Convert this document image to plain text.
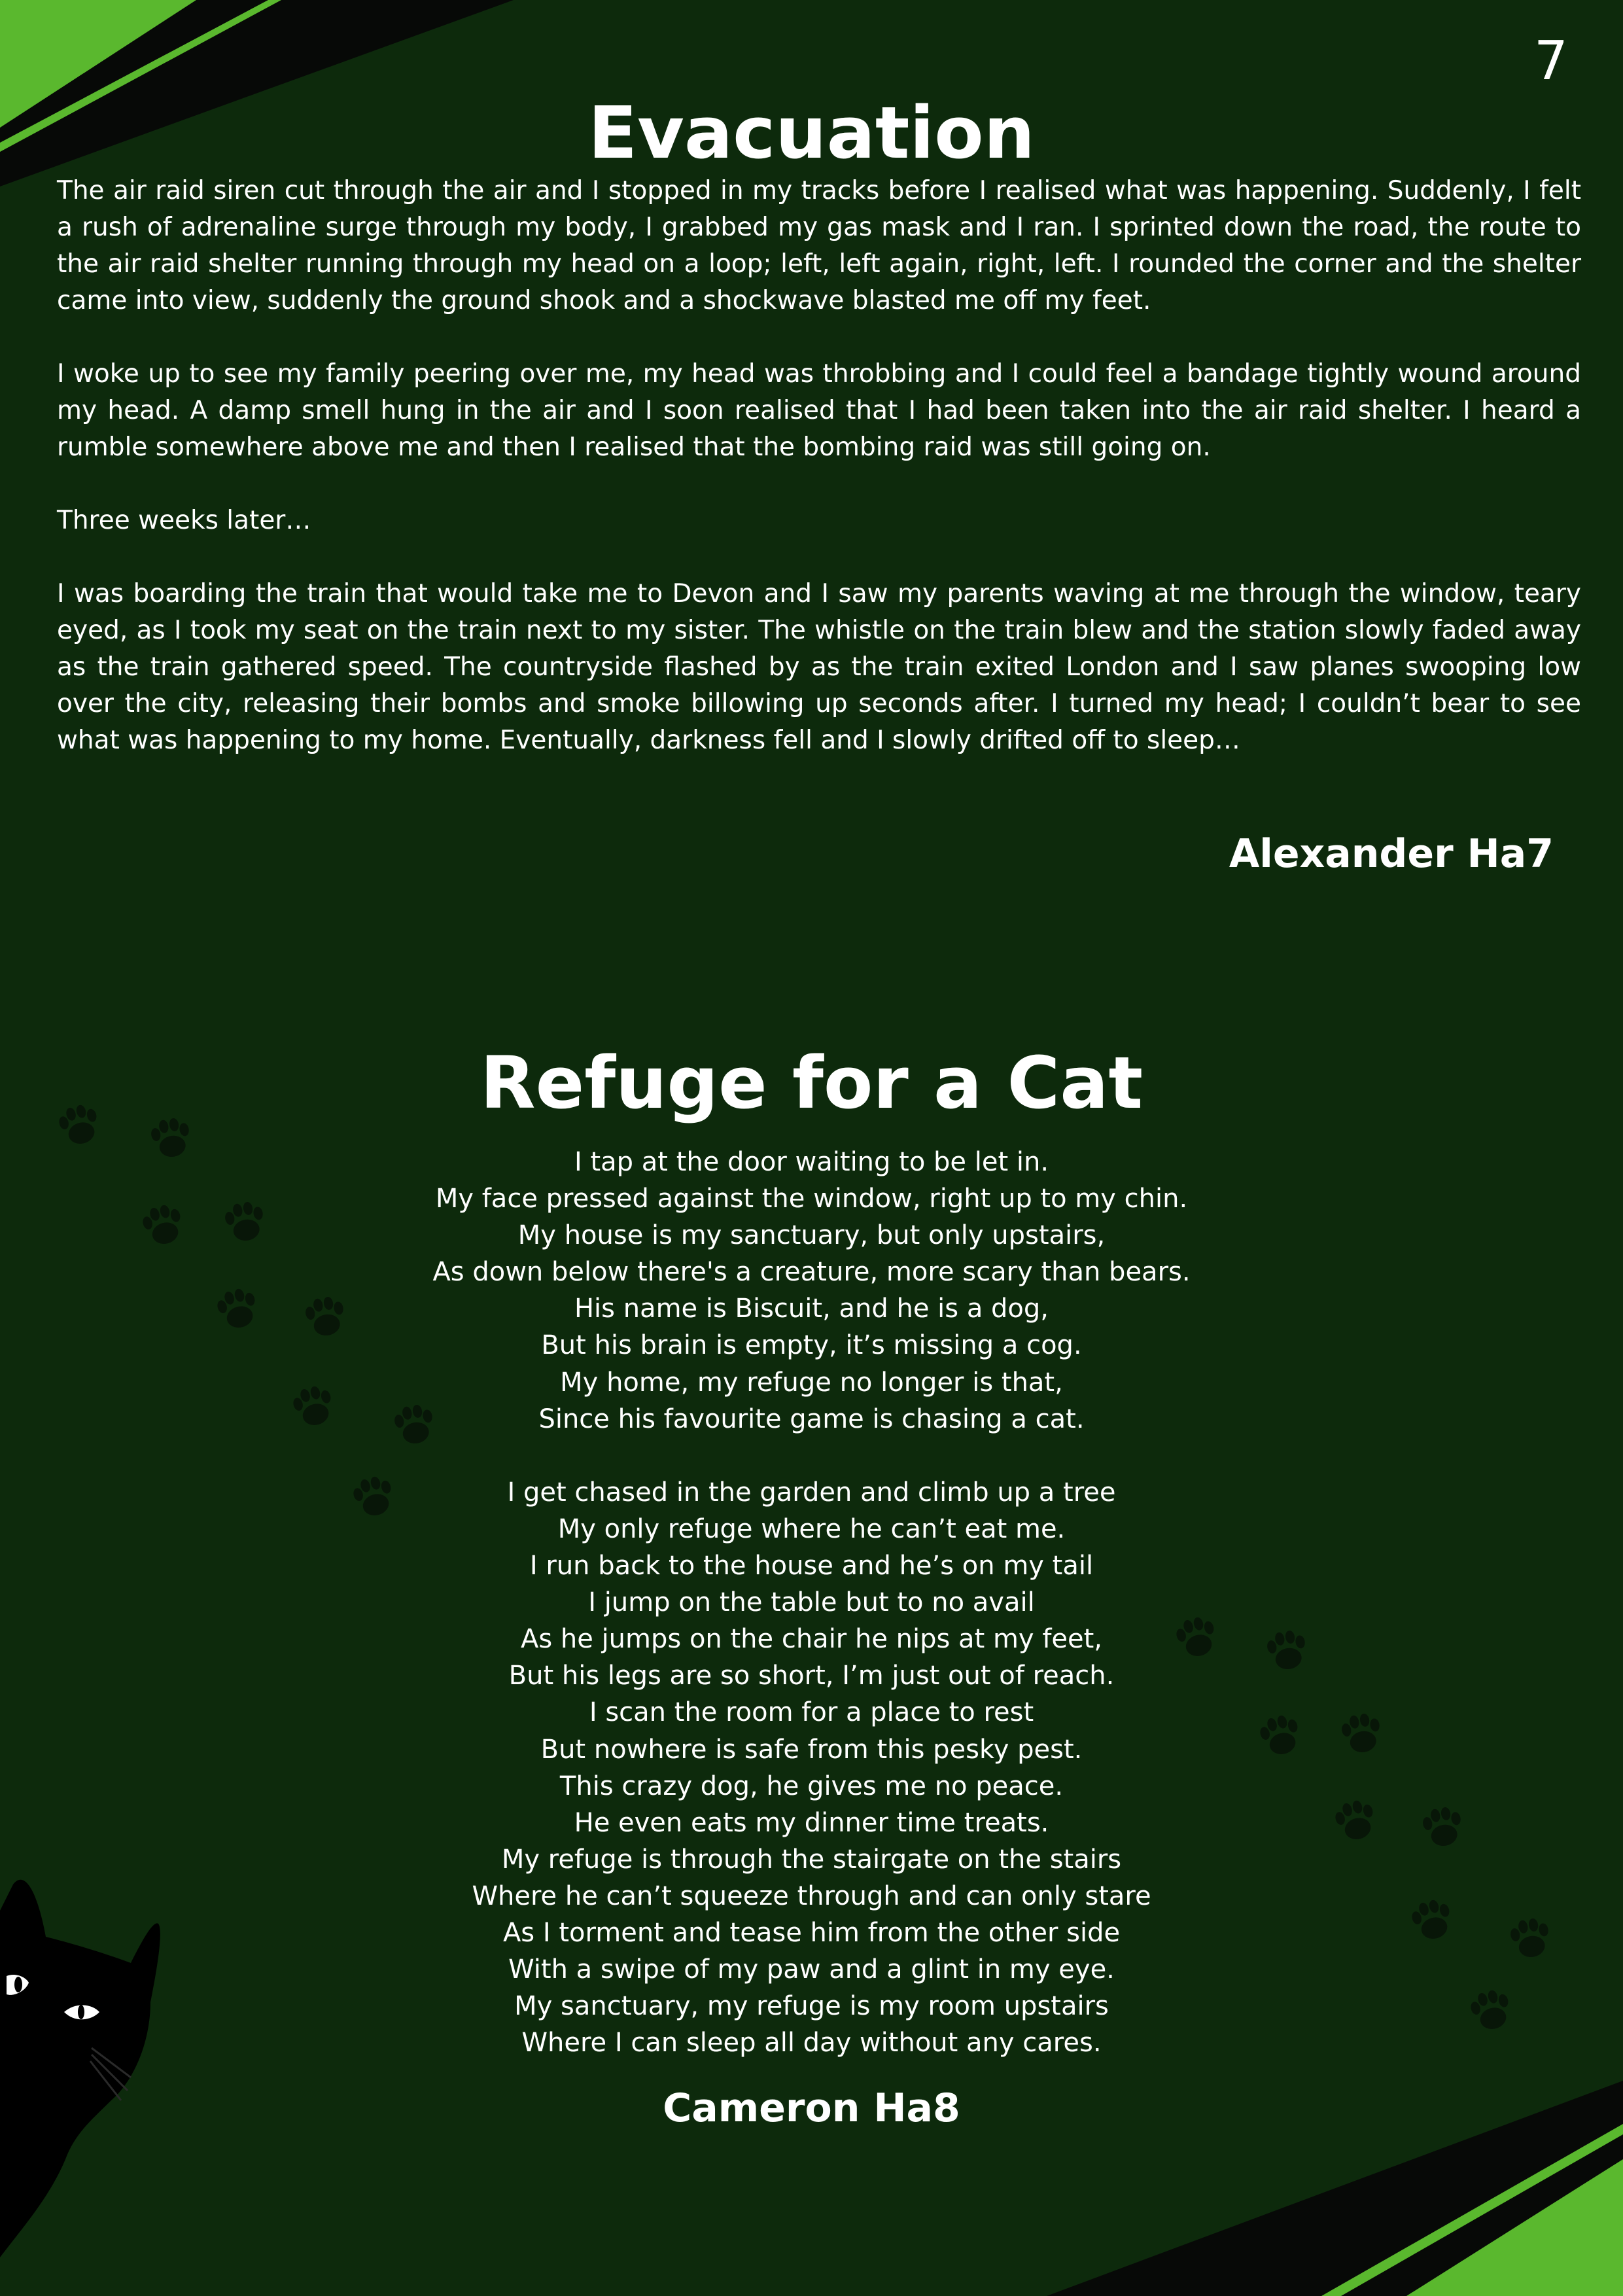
7
Evacuation

The air raid siren cut through the air and I stopped in my tracks before I realised what was happening. Suddenly, I felt a rush of adrenaline surge through my body, I grabbed my gas mask and I ran. I sprinted down the road, the route to the air raid shelter running through my head on a loop; left, left again, right, left. I rounded the corner and the shelter came into view, suddenly the ground shook and a shockwave blasted me off my feet.

I woke up to see my family peering over me, my head was throbbing and I could feel a bandage tightly wound around my head. A damp smell hung in the air and I soon realised that I had been taken into the air raid shelter. I heard a rumble somewhere above me and then I realised that the bombing raid was still going on.

Three weeks later…

I was boarding the train that would take me to Devon and I saw my parents waving at me through the window, teary eyed, as I took my seat on the train next to my sister. The whistle on the train blew and the station slowly faded away as the train gathered speed. The countryside flashed by as the train exited London and I saw planes swooping low over the city, releasing their bombs and smoke billowing up seconds after. I turned my head; I couldn’t bear to see what was happening to my home. Eventually, darkness fell and I slowly drifted off to sleep…

Alexander Ha7
Refuge for a Cat
I tap at the door waiting to be let in.
My face pressed against the window, right up to my chin.
My house is my sanctuary, but only upstairs,
As down below there's a creature, more scary than bears.
His name is Biscuit, and he is a dog,
But his brain is empty, it’s missing a cog.
My home, my refuge no longer is that,
Since his favourite game is chasing a cat.
I get chased in the garden and climb up a tree
My only refuge where he can’t eat me.
I run back to the house and he’s on my tail
I jump on the table but to no avail
As he jumps on the chair he nips at my feet,
But his legs are so short, I’m just out of reach.
I scan the room for a place to rest
But nowhere is safe from this pesky pest.
This crazy dog, he gives me no peace.
He even eats my dinner time treats.
My refuge is through the stairgate on the stairs
Where he can’t squeeze through and can only stare
As I torment and tease him from the other side
With a swipe of my paw and a glint in my eye.
My sanctuary, my refuge is my room upstairs
Where I can sleep all day without any cares.
Cameron Ha8
